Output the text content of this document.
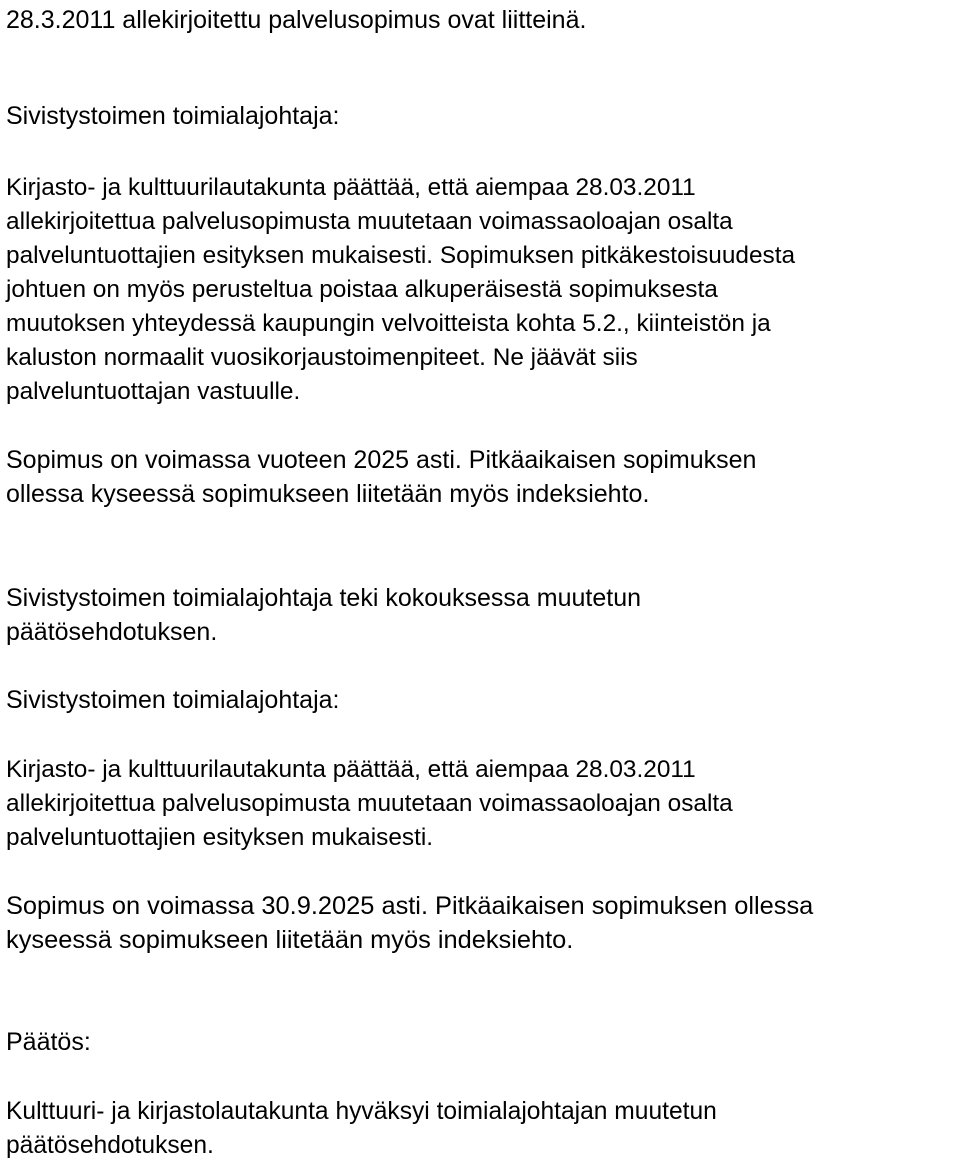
28.3.2011 allekirjoitettu palvelusopimus ovat liitteinä.

Sivistystoimen toimialajohtaja:

Kirjasto- ja kulttuurilautakunta päättää, että aiempaa 28.03.2011
allekirjoitettua palvelusopimusta muutetaan voimassaoloajan osalta
palveluntuottajien esityksen mukaisesti. Sopimuksen pitkäkestoisuudesta
johtuen on myös perusteltua poistaa alkuperäisestä sopimuksesta
muutoksen yhteydessä kaupungin velvoitteista kohta 5.2., kiinteistön ja
kaluston normaalit vuosikorjaustoimenpiteet. Ne jäävät siis
palveluntuottajan vastuulle.

Sopimus on voimassa vuoteen 2025 asti. Pitkäaikaisen sopimuksen
ollessa kyseessä sopimukseen liitetään myös indeksiehto.

Sivistystoimen toimialajohtaja teki kokouksessa muutetun
päätösehdotuksen.

Sivistystoimen toimialajohtaja:

Kirjasto- ja kulttuurilautakunta päättää, että aiempaa 28.03.2011
allekirjoitettua palvelusopimusta muutetaan voimassaoloajan osalta
palveluntuottajien esityksen mukaisesti.

Sopimus on voimassa 30.9.2025 asti. Pitkäaikaisen sopimuksen ollessa
kyseessä sopimukseen liitetään myös indeksiehto.

Päätös:

Kulttuuri- ja kirjastolautakunta hyväksyi toimialajohtajan muutetun
päätösehdotuksen.
